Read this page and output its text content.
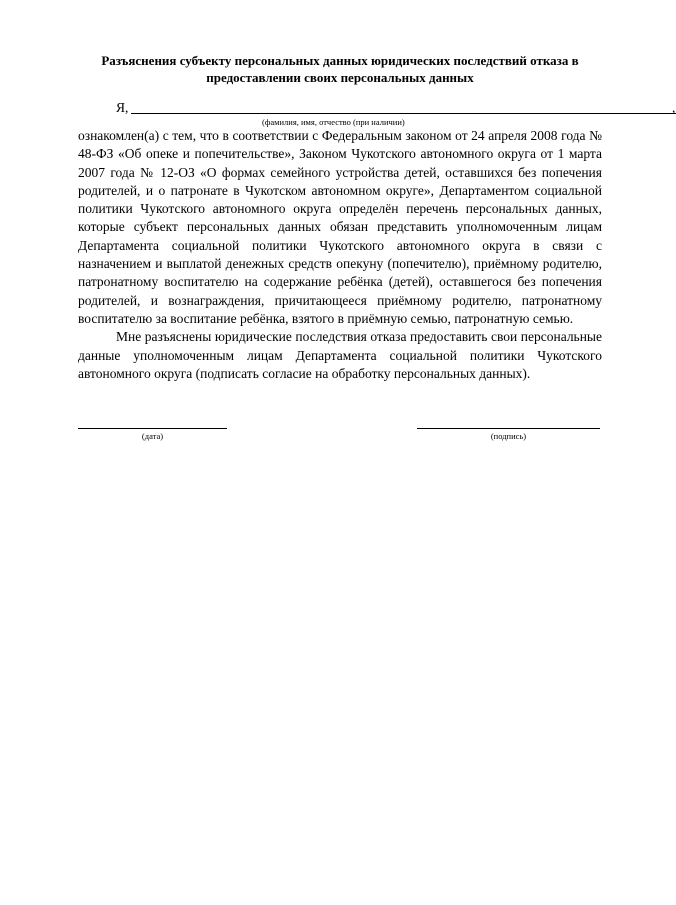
Разъяснения субъекту персональных данных юридических последствий отказа в предоставлении своих персональных данных
Я,	,
(фамилия, имя, отчество (при наличии)

ознакомлен(а) с тем, что в соответствии с Федеральным законом от 24 апреля 2008 года № 48-ФЗ «Об опеке и попечительстве», Законом Чукотского автономного округа от 1 марта 2007 года № 12-ОЗ «О формах семейного устройства детей, оставшихся без попечения родителей, и о патронате в Чукотском автономном округе», Департаментом социальной политики Чукотского автономного округа определён перечень персональных данных, которые субъект персональных данных обязан представить уполномоченным лицам Департамента социальной политики Чукотского автономного округа в связи с назначением и выплатой денежных средств опекуну (попечителю), приёмному родителю, патронатному воспитателю на содержание ребёнка (детей), оставшегося без попечения родителей, и вознаграждения, причитающееся приёмному родителю, патронатному воспитателю за воспитание ребёнка, взятого в приёмную семью, патронатную семью.

Мне разъяснены юридические последствия отказа предоставить свои персональные данные уполномоченным лицам Департамента социальной политики Чукотского автономного округа (подписать согласие на обработку персональных данных).

(дата)	(подпись)
